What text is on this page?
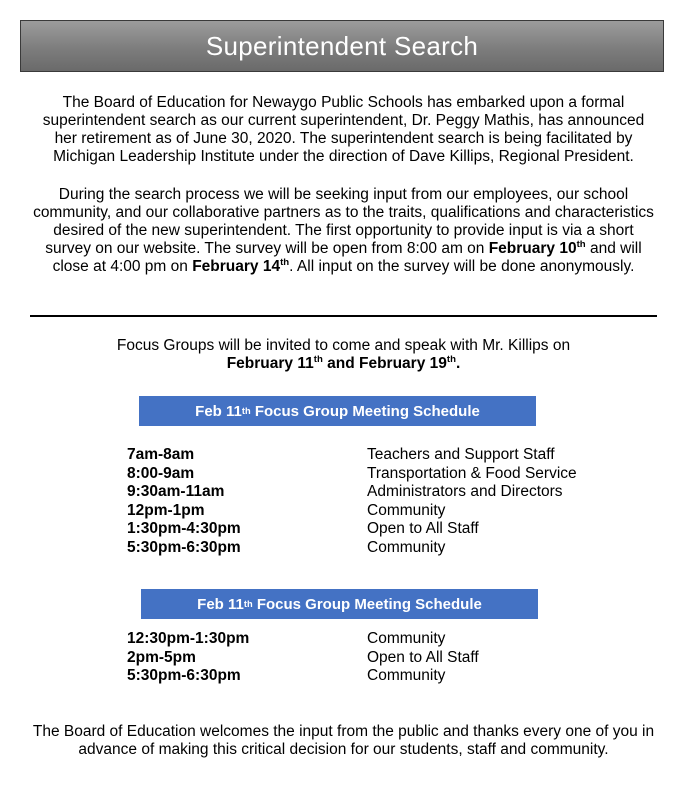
Superintendent Search
The Board of Education for Newaygo Public Schools has embarked upon a formal superintendent search as our current superintendent, Dr. Peggy Mathis, has announced her retirement as of June 30, 2020. The superintendent search is being facilitated by Michigan Leadership Institute under the direction of Dave Killips, Regional President.
During the search process we will be seeking input from our employees, our school community, and our collaborative partners as to the traits, qualifications and characteristics desired of the new superintendent. The first opportunity to provide input is via a short survey on our website. The survey will be open from 8:00 am on February 10th and will close at 4:00 pm on February 14th. All input on the survey will be done anonymously.
Focus Groups will be invited to come and speak with Mr. Killips on
February 11th and February 19th.
Feb 11 th
Focus Group Meeting Schedule
7am-8am	Teachers and Support Staff
8:00-9am	Transportation & Food Service
9:30am-11am	Administrators and Directors
12pm-1pm	Community
1:30pm-4:30pm	Open to All Staff
5:30pm-6:30pm	Community
Feb 11 th
Focus Group Meeting Schedule
12:30pm-1:30pm	Community
2pm-5pm	Open to All Staff
5:30pm-6:30pm	Community
The Board of Education welcomes the input from the public and thanks every one of you in advance of making this critical decision for our students, staff and community.
